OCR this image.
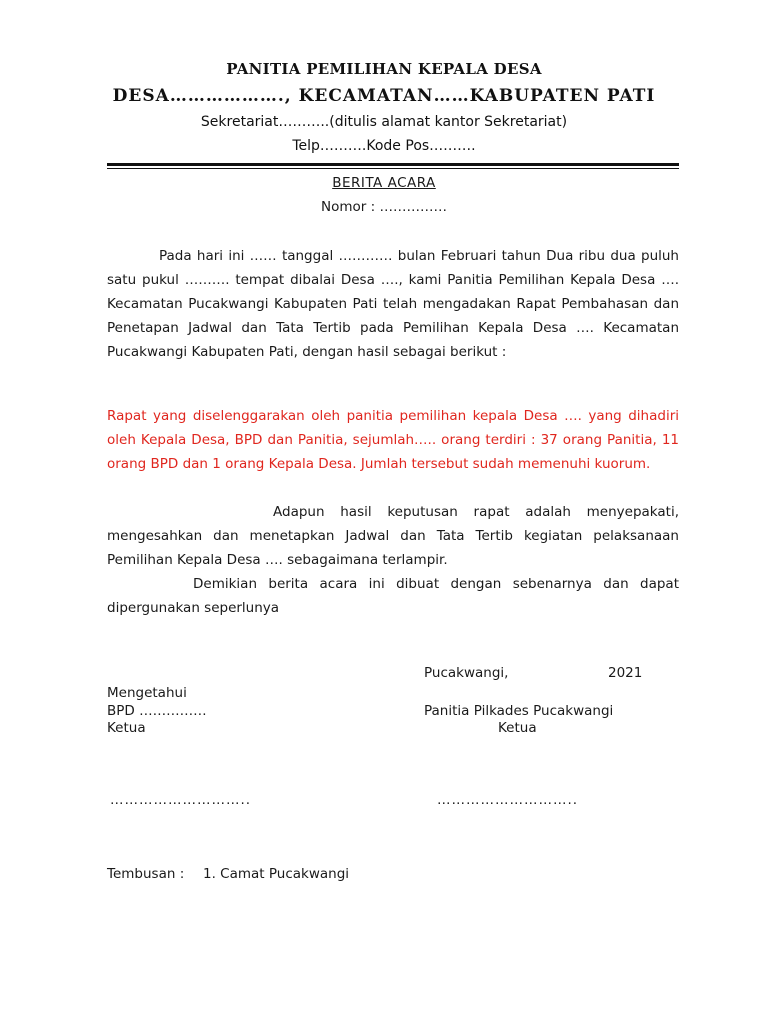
PANITIA PEMILIHAN KEPALA DESA
DESA………………., KECAMATAN……KABUPATEN PATI
Sekretariat………..(ditulis alamat kantor Sekretariat)
Telp……….Kode Pos……….
BERITA ACARA
Nomor : ……………
Pada hari ini …… tanggal ………… bulan Februari tahun Dua ribu dua puluh satu pukul ………. tempat dibalai Desa …., kami Panitia Pemilihan Kepala Desa …. Kecamatan Pucakwangi Kabupaten Pati telah mengadakan Rapat Pembahasan dan Penetapan Jadwal dan Tata Tertib pada Pemilihan Kepala Desa …. Kecamatan Pucakwangi Kabupaten Pati, dengan hasil sebagai berikut :
Rapat yang diselenggarakan oleh panitia pemilihan kepala Desa …. yang dihadiri oleh Kepala Desa, BPD dan Panitia, sejumlah….. orang terdiri : 37 orang Panitia, 11 orang BPD dan 1 orang Kepala Desa. Jumlah tersebut sudah memenuhi kuorum.
Adapun hasil keputusan rapat adalah menyepakati, mengesahkan dan menetapkan Jadwal dan Tata Tertib kegiatan pelaksanaan Pemilihan Kepala Desa …. sebagaimana terlampir.
Demikian berita acara ini dibuat dengan sebenarnya dan dapat dipergunakan seperlunya
Pucakwangi,	2021
Mengetahui
BPD ……………
Ketua
Panitia Pilkades Pucakwangi
Ketua
………………………..	………………………..
Tembusan : 1. Camat Pucakwangi
